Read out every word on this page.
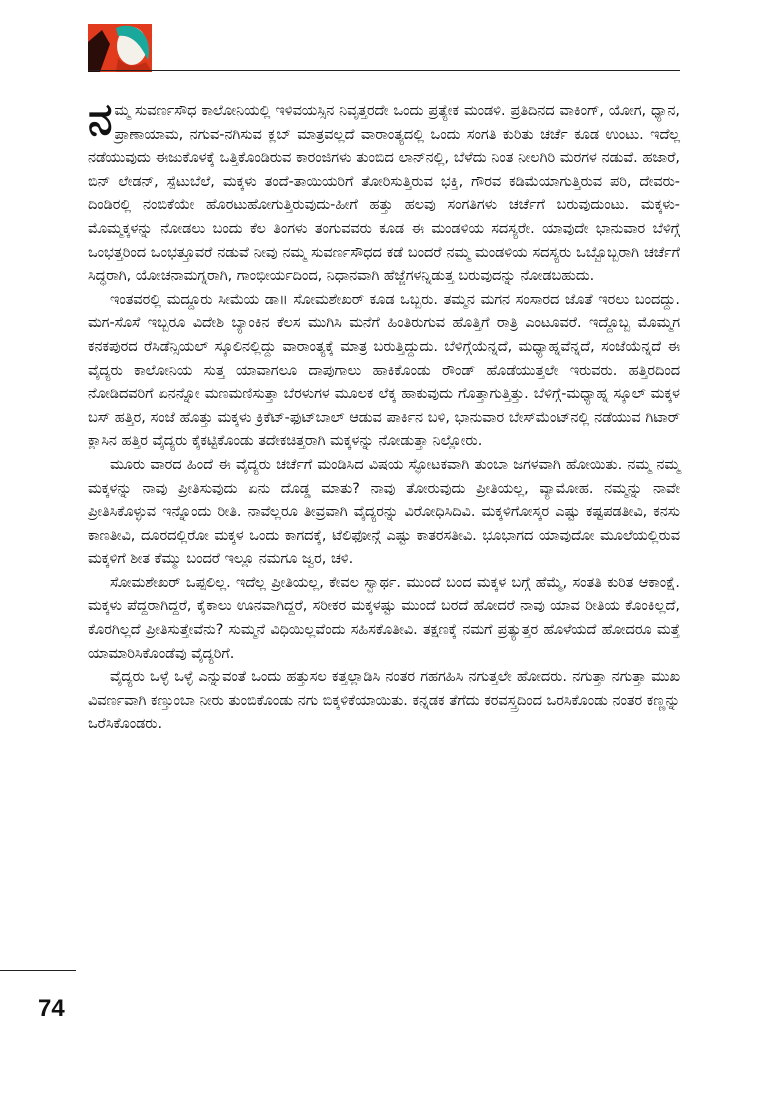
ನಮ್ಮ ಸುವರ್ಣಸೌಧ ಕಾಲೋನಿಯಲ್ಲಿ ಇಳಿವಯಸ್ಸಿನ ನಿವೃತ್ತರದೇ ಒಂದು ಪ್ರತ್ಯೇಕ ಮಂಡಳಿ. ಪ್ರತಿದಿನದ ವಾಕಿಂಗ್, ಯೋಗ, ಧ್ಯಾನ, ಪ್ರಾಣಾಯಾಮ, ನಗುವ-ನಗಿಸುವ ಕ್ಲಬ್ ಮಾತ್ರವಲ್ಲದೆ ವಾರಾಂತ್ಯದಲ್ಲಿ ಒಂದು ಸಂಗತಿ ಕುರಿತು ಚರ್ಚೆ ಕೂಡ ಉಂಟು. ಇದೆಲ್ಲ ನಡೆಯುವುದು ಈಜುಕೊಳಕ್ಕೆ ಒತ್ತಿಕೊಂಡಿರುವ ಕಾರಂಜಿಗಳು ತುಂಬಿದ ಲಾನ್‌ನಲ್ಲಿ, ಬೆಳೆದು ನಿಂತ ನೀಲಗಿರಿ ಮರಗಳ ನಡುವೆ. ಹಜಾರೆ, ಬಿನ್ ಲೇಡನ್, ಸ್ಪೆಟುಬೆಲೆ, ಮಕ್ಕಳು ತಂದೆ-ತಾಯಿಯರಿಗೆ ತೋರಿಸುತ್ತಿರುವ ಭಕ್ತಿ, ಗೌರವ ಕಡಿಮೆಯಾಗುತ್ತಿರುವ ಪರಿ, ದೇವರು-ದಿಂಡಿರಲ್ಲಿ ನಂಬಿಕೆಯೇ ಹೊರಟುಹೋಗುತ್ತಿರುವುದು-ಹೀಗೆ ಹತ್ತು ಹಲವು ಸಂಗತಿಗಳು ಚರ್ಚೆಗೆ ಬರುವುದುಂಟು. ಮಕ್ಕಳು-ಮೊಮ್ಮಕ್ಕಳನ್ನು ನೋಡಲು ಬಂದು ಕೆಲ ತಿಂಗಳು ತಂಗುವವರು ಕೂಡ ಈ ಮಂಡಳಿಯ ಸದಸ್ಯರೇ. ಯಾವುದೇ ಭಾನುವಾರ ಬೆಳಿಗ್ಗೆ ಒಂಭತ್ತರಿಂದ ಒಂಭತ್ತೂವರೆ ನಡುವೆ ನೀವು ನಮ್ಮ ಸುವರ್ಣಸೌಧದ ಕಡೆ ಬಂದರೆ ನಮ್ಮ ಮಂಡಳಿಯ ಸದಸ್ಯರು ಒಬ್ಬೊಬ್ಬರಾಗಿ ಚರ್ಚೆಗೆ ಸಿದ್ಧರಾಗಿ, ಯೋಚನಾಮಗ್ನರಾಗಿ, ಗಾಂಭೀರ್ಯದಿಂದ, ನಿಧಾನವಾಗಿ ಹೆಜ್ಜೆಗಳನ್ನಿಡುತ್ತ ಬರುವುದನ್ನು ನೋಡಬಹುದು.

ಇಂತವರಲ್ಲಿ ಮದ್ದೂರು ಸೀಮೆಯ ಡಾ॥ ಸೋಮಶೇಖರ್ ಕೂಡ ಒಬ್ಬರು. ತಮ್ಮನ ಮಗನ ಸಂಸಾರದ ಜೊತೆ ಇರಲು ಬಂದದ್ದು. ಮಗ-ಸೊಸೆ ಇಬ್ಬರೂ ವಿದೇಶಿ ಬ್ಯಾಂಕಿನ ಕೆಲಸ ಮುಗಿಸಿ ಮನೆಗೆ ಹಿಂತಿರುಗುವ ಹೊತ್ತಿಗೆ ರಾತ್ರಿ ಎಂಟೂವರೆ. ಇದ್ದೊಬ್ಬ ಮೊಮ್ಮಗ ಕನಕಪುರದ ರೆಸಿಡೆನ್ಸಿಯಲ್ ಸ್ಕೂಲಿನಲ್ಲಿದ್ದು ವಾರಾಂತ್ಯಕ್ಕೆ ಮಾತ್ರ ಬರುತ್ತಿದ್ದುದು. ಬೆಳಿಗ್ಗೆಯೆನ್ನದೆ, ಮಧ್ಯಾಹ್ನವೆನ್ನದೆ, ಸಂಜೆಯೆನ್ನದೆ ಈ ವೈದ್ಯರು ಕಾಲೋನಿಯ ಸುತ್ತ ಯಾವಾಗಲೂ ದಾಪುಗಾಲು ಹಾಕಿಕೊಂಡು ರೌಂಡ್ ಹೊಡೆಯುತ್ತಲೇ ಇರುವರು. ಹತ್ತಿರದಿಂದ ನೋಡಿದವರಿಗೆ ಏನನ್ನೋ ಮಣಮಣಿಸುತ್ತಾ ಬೆರಳುಗಳ ಮೂಲಕ ಲೆಕ್ಕ ಹಾಕುವುದು ಗೊತ್ತಾಗುತ್ತಿತ್ತು. ಬೆಳಿಗ್ಗೆ-ಮಧ್ಯಾಹ್ನ ಸ್ಕೂಲ್ ಮಕ್ಕಳ ಬಸ್ ಹತ್ತಿರ, ಸಂಜೆ ಹೊತ್ತು ಮಕ್ಕಳು ಕ್ರಿಕೆಟ್-ಫುಟ್‌ಬಾಲ್ ಆಡುವ ಪಾರ್ಕಿನ ಬಳಿ, ಭಾನುವಾರ ಬೇಸ್‌ಮೆಂಟ್‌ನಲ್ಲಿ ನಡೆಯುವ ಗಿಟಾರ್ ಕ್ಲಾಸಿನ ಹತ್ತಿರ ವೈದ್ಯರು ಕೈಕಟ್ಟಿಕೊಂಡು ತದೇಕಚಿತ್ತರಾಗಿ ಮಕ್ಕಳನ್ನು ನೋಡುತ್ತಾ ನಿಲ್ಲೋರು.

ಮೂರು ವಾರದ ಹಿಂದೆ ಈ ವೈದ್ಯರು ಚರ್ಚೆಗೆ ಮಂಡಿಸಿದ ವಿಷಯ ಸ್ಫೋಟಕವಾಗಿ ತುಂಬಾ ಜಗಳವಾಗಿ ಹೋಯಿತು. ನಮ್ಮ ನಮ್ಮ ಮಕ್ಕಳನ್ನು ನಾವು ಪ್ರೀತಿಸುವುದು ಏನು ದೊಡ್ಡ ಮಾತು? ನಾವು ತೋರುವುದು ಪ್ರೀತಿಯಲ್ಲ, ವ್ಯಾಮೋಹ. ನಮ್ಮನ್ನು ನಾವೇ ಪ್ರೀತಿಸಿಕೊಳ್ಳುವ ಇನ್ನೊಂದು ರೀತಿ. ನಾವೆಲ್ಲರೂ ತೀವ್ರವಾಗಿ ವೈದ್ಯರನ್ನು ವಿರೋಧಿಸಿದಿವಿ. ಮಕ್ಕಳಿಗೋಸ್ಕರ ಎಷ್ಟು ಕಷ್ಟಪಡತೀವಿ, ಕನಸು ಕಾಣತೀವಿ, ದೂರದಲ್ಲಿರೋ ಮಕ್ಕಳ ಒಂದು ಕಾಗದಕ್ಕೆ, ಟೆಲಿಫೋನ್ಗೆ ಎಷ್ಟು ಕಾತರಸತೀವಿ. ಭೂಭಾಗದ ಯಾವುದೋ ಮೂಲೆಯಲ್ಲಿರುವ ಮಕ್ಕಳಿಗೆ ಶೀತ ಕೆಮ್ಮು ಬಂದರೆ ಇಲ್ಲೂ ನಮಗೂ ಜ್ವರ, ಚಳಿ.

ಸೋಮಶೇಖರ್ ಒಪ್ಪಲಿಲ್ಲ. ಇದೆಲ್ಲ ಪ್ರೀತಿಯಲ್ಲ, ಕೇವಲ ಸ್ವಾರ್ಥ. ಮುಂದೆ ಬಂದ ಮಕ್ಕಳ ಬಗ್ಗೆ ಹೆಮ್ಮೆ, ಸಂತತಿ ಕುರಿತ ಆಕಾಂಕ್ಷೆ. ಮಕ್ಕಳು ಪೆದ್ದರಾಗಿದ್ದರೆ, ಕೈಕಾಲು ಊನವಾಗಿದ್ದರೆ, ಸರೀಕರ ಮಕ್ಕಳಷ್ಟು ಮುಂದೆ ಬರದೆ ಹೋದರೆ ನಾವು ಯಾವ ರೀತಿಯ ಕೊಂಕಿಲ್ಲದೆ, ಕೊರಗಿಲ್ಲದೆ ಪ್ರೀತಿಸುತ್ತೇವೆನು? ಸುಮ್ಮನೆ ವಿಧಿಯಿಲ್ಲವೆಂದು ಸಹಿಸಕೊತೀವಿ. ತಕ್ಷಣಕ್ಕೆ ನಮಗೆ ಪ್ರತ್ಯುತ್ತರ ಹೊಳೆಯದೆ ಹೋದರೂ ಮತ್ತೆ ಯಾಮಾರಿಸಿಕೊಂಡೆವು ವೈದ್ಯರಿಗೆ.

ವೈದ್ಯರು ಒಳ್ಳೆ ಒಳ್ಳೆ ಎನ್ನುವಂತೆ ಒಂದು ಹತ್ತುಸಲ ಕತ್ತಲ್ಲಾಡಿಸಿ ನಂತರ ಗಹಗಹಿಸಿ ನಗುತ್ತಲೇ ಹೋದರು. ನಗುತ್ತಾ ನಗುತ್ತಾ ಮುಖ ವಿವರ್ಣವಾಗಿ ಕಣ್ತುಂಬಾ ನೀರು ತುಂಬಿಕೊಂಡು ನಗು ಬಿಕ್ಕಳಿಕೆಯಾಯಿತು. ಕನ್ನಡಕ ತೆಗೆದು ಕರವಸ್ತ್ರದಿಂದ ಒರಸಿಕೊಂಡು ನಂತರ ಕಣ್ಣನ್ನು ಒರೆಸಿಕೊಂಡರು.

74
